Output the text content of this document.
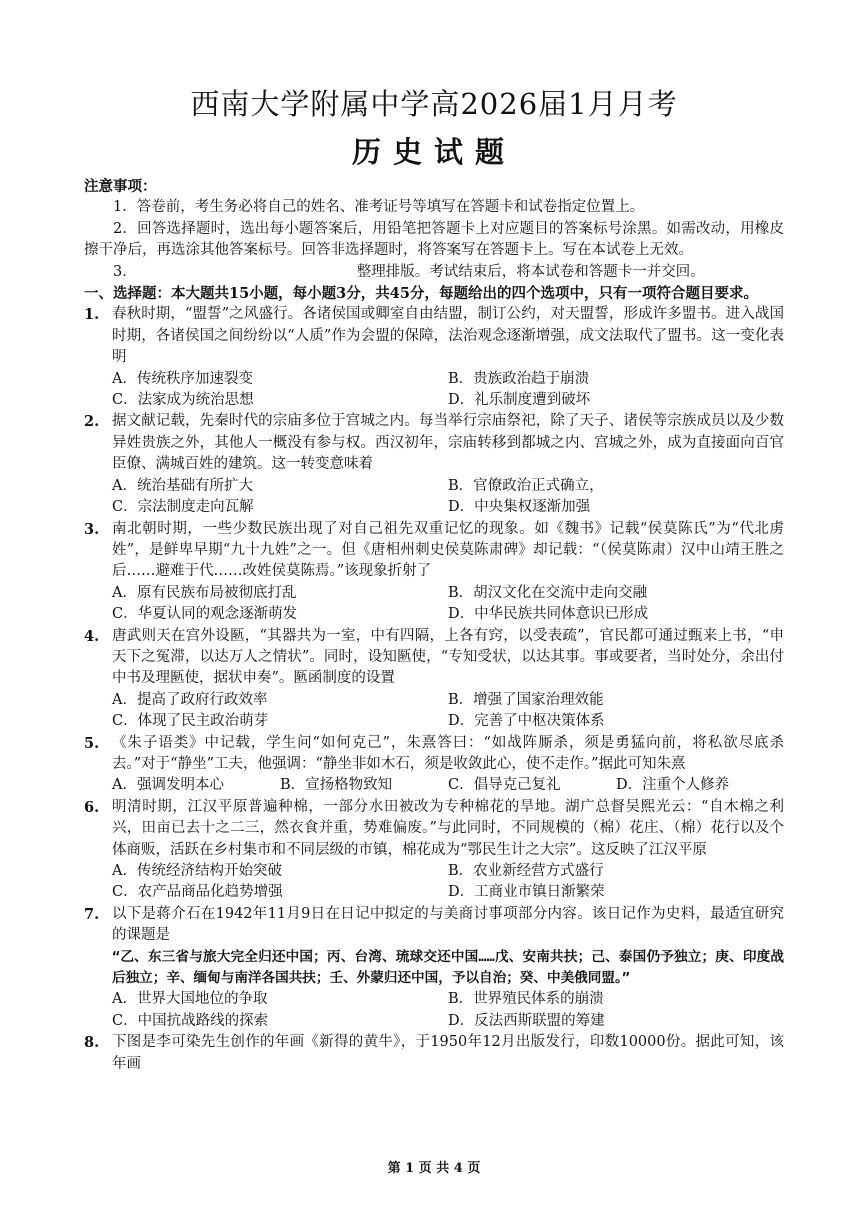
西南大学附属中学高2026届1月月考
历史试题
注意事项：
1．答卷前，考生务必将自己的姓名、准考证号等填写在答题卡和试卷指定位置上。
2．回答选择题时，选出每小题答案后，用铅笔把答题卡上对应题目的答案标号涂黑。如需改动，用橡皮擦干净后，再选涂其他答案标号。回答非选择题时，将答案写在答题卡上。写在本试卷上无效。
3．	整理排版。考试结束后，将本试卷和答题卡一并交回。
一、选择题：本大题共15小题，每小题3分，共45分，每题给出的四个选项中，只有一项符合题目要求。
1. 春秋时期，“盟誓”之风盛行。各诸侯国或卿室自由结盟，制订公约，对天盟誓，形成许多盟书。进入战国时期，各诸侯国之间纷纷以“人质”作为会盟的保障，法治观念逐渐增强，成文法取代了盟书。这一变化表明
A．传统秩序加速裂变	B．贵族政治趋于崩溃
C．法家成为统治思想	D．礼乐制度遭到破坏
2. 据文献记载，先秦时代的宗庙多位于宫城之内。每当举行宗庙祭祀，除了天子、诸侯等宗族成员以及少数异姓贵族之外，其他人一概没有参与权。西汉初年，宗庙转移到都城之内、宫城之外，成为直接面向百官臣僚、满城百姓的建筑。这一转变意味着
A．统治基础有所扩大	B．官僚政治正式确立，
C．宗法制度走向瓦解	D．中央集权逐渐加强
3. 南北朝时期，一些少数民族出现了对自己祖先双重记忆的现象。如《魏书》记载“侯莫陈氏”为“代北虏姓”，是鲜卑早期“九十九姓”之一。但《唐相州刺史侯莫陈肃碑》却记载：“（侯莫陈肃）汉中山靖王胜之后……避难于代……改姓侯莫陈焉。”该现象折射了
A．原有民族布局被彻底打乱	B．胡汉文化在交流中走向交融
C．华夏认同的观念逐渐萌发	D．中华民族共同体意识已形成
4. 唐武则天在宫外设匦，“其器共为一室，中有四隔，上各有窍，以受表疏”，官民都可通过甄来上书，“申天下之冤滞，以达万人之情状”。同时，设知匦使，“专知受状，以达其事。事或要者，当时处分，余出付中书及理匦使，据状申奏”。匦函制度的设置
A．提高了政府行政效率	B．增强了国家治理效能
C．体现了民主政治萌芽	D．完善了中枢决策体系
5. 《朱子语类》中记载，学生问“如何克己”，朱熹答曰：“如战阵厮杀，须是勇猛向前，将私欲尽底杀去。”对于“静坐”工夫，他强调：“静坐非如木石，须是收敛此心，使不走作。”据此可知朱熹
A．强调发明本心	B．宣扬格物致知	C．倡导克己复礼	D．注重个人修养
6. 明清时期，江汉平原普遍种棉，一部分水田被改为专种棉花的旱地。湖广总督吴熙光云：“自木棉之利兴，田亩已去十之二三，然衣食并重，势难偏废。”与此同时，不同规模的（棉）花庄、（棉）花行以及个体商贩，活跃在乡村集市和不同层级的市镇，棉花成为“鄂民生计之大宗”。这反映了江汉平原
A．传统经济结构开始突破	B．农业新经营方式盛行
C．农产品商品化趋势增强	D．工商业市镇日渐繁荣
7. 以下是蒋介石在1942年11月9日在日记中拟定的与美商讨事项部分内容。该日记作为史料，最适宜研究的课题是
“乙、东三省与旅大完全归还中国；丙、台湾、琉球交还中国……戊、安南共扶；己、泰国仍予独立；庚、印度战后独立；辛、缅甸与南洋各国共扶；壬、外蒙归还中国，予以自治；癸、中美俄同盟。”
A．世界大国地位的争取	B．世界殖民体系的崩溃
C．中国抗战路线的探索	D．反法西斯联盟的筹建
8. 下图是李可染先生创作的年画《新得的黄牛》，于1950年12月出版发行，印数10000份。据此可知，该年画
第 1 页 共 4 页
